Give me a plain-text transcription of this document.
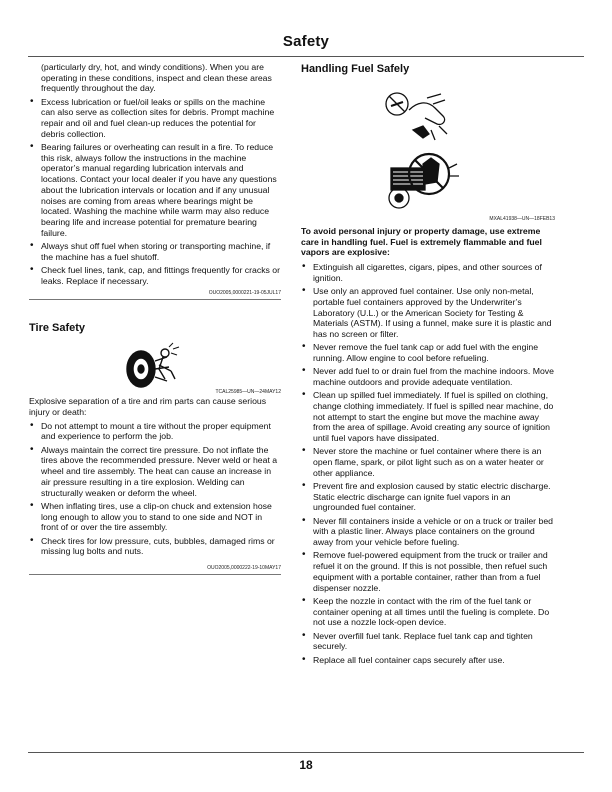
Safety

(particularly dry, hot, and windy conditions). When you are operating in these conditions, inspect and clean these areas frequently throughout the day.

• Excess lubrication or fuel/oil leaks or spills on the machine can also serve as collection sites for debris. Prompt machine repair and oil and fuel clean-up reduces the potential for debris collection.
• Bearing failures or overheating can result in a fire. To reduce this risk, always follow the instructions in the machine operator’s manual regarding lubrication intervals and locations. Contact your local dealer if you have any questions about the lubrication intervals or location and if any unusual noises are coming from areas where bearings might be located. Washing the machine while warm may also reduce bearing life and increase potential for premature bearing failure.
• Always shut off fuel when storing or transporting machine, if the machine has a fuel shutoff.
• Check fuel lines, tank, cap, and fittings frequently for cracks or leaks. Replace if necessary.
OUO2005,0000221-19-05JUL17
Tire Safety
TCAL25985—UN—24MAY12

Explosive separation of a tire and rim parts can cause serious injury or death:

• Do not attempt to mount a tire without the proper equipment and experience to perform the job.
• Always maintain the correct tire pressure. Do not inflate the tires above the recommended pressure. Never weld or heat a wheel and tire assembly. The heat can cause an increase in air pressure resulting in a tire explosion. Welding can structurally weaken or deform the wheel.
• When inflating tires, use a clip-on chuck and extension hose long enough to allow you to stand to one side and NOT in front of or over the tire assembly.
• Check tires for low pressure, cuts, bubbles, damaged rims or missing lug bolts and nuts.
OUO2005,0000222-19-10MAY17
Handling Fuel Safely
MXAL41938—UN—18FEB13

To avoid personal injury or property damage, use extreme care in handling fuel. Fuel is extremely flammable and fuel vapors are explosive:

• Extinguish all cigarettes, cigars, pipes, and other sources of ignition.
• Use only an approved fuel container. Use only non-metal, portable fuel containers approved by the Underwriter’s Laboratory (U.L.) or the American Society for Testing & Materials (ASTM). If using a funnel, make sure it is plastic and has no screen or filter.
• Never remove the fuel tank cap or add fuel with the engine running. Allow engine to cool before refueling.
• Never add fuel to or drain fuel from the machine indoors. Move machine outdoors and provide adequate ventilation.
• Clean up spilled fuel immediately. If fuel is spilled on clothing, change clothing immediately. If fuel is spilled near machine, do not attempt to start the engine but move the machine away from the area of spillage. Avoid creating any source of ignition until fuel vapors have dissipated.
• Never store the machine or fuel container where there is an open flame, spark, or pilot light such as on a water heater or other appliance.
• Prevent fire and explosion caused by static electric discharge. Static electric discharge can ignite fuel vapors in an ungrounded fuel container.
• Never fill containers inside a vehicle or on a truck or trailer bed with a plastic liner. Always place containers on the ground away from your vehicle before fueling.
• Remove fuel-powered equipment from the truck or trailer and refuel it on the ground. If this is not possible, then refuel such equipment with a portable container, rather than from a fuel dispenser nozzle.
• Keep the nozzle in contact with the rim of the fuel tank or container opening at all times until the fueling is complete. Do not use a nozzle lock-open device.
• Never overfill fuel tank. Replace fuel tank cap and tighten securely.
• Replace all fuel container caps securely after use.
18
